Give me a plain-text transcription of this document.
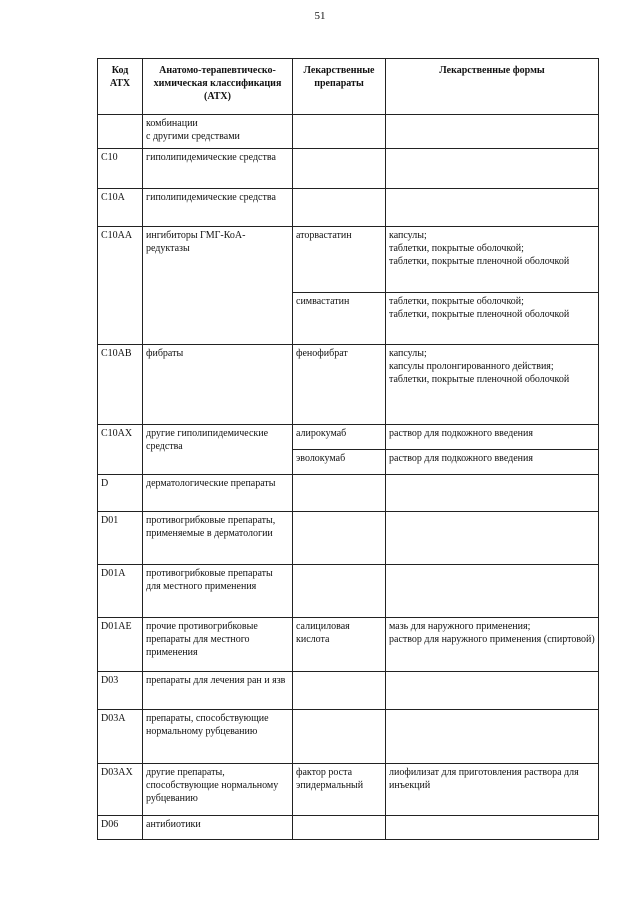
51
Код АТХ	Анатомо-терапевтическо-химическая классификация (АТХ)	Лекарственные препараты	Лекарственные формы
	комбинации
с другими средствами		
C10	гиполипидемические средства		
C10A	гиполипидемические средства		
C10AA	ингибиторы ГМГ-КоА-редуктазы	аторвастатин	капсулы;
таблетки, покрытые оболочкой;
таблетки, покрытые пленочной оболочкой
		симвастатин	таблетки, покрытые оболочкой;
таблетки, покрытые пленочной оболочкой
C10AB	фибраты	фенофибрат	капсулы;
капсулы пролонгированного действия;
таблетки, покрытые пленочной оболочкой
C10AX	другие гиполипидемические средства	алирокумаб	раствор для подкожного введения
		эволокумаб	раствор для подкожного введения
D	дерматологические препараты		
D01	противогрибковые препараты, применяемые в дерматологии		
D01A	противогрибковые препараты для местного применения		
D01AE	прочие противогрибковые препараты для местного применения	салициловая кислота	мазь для наружного применения;
раствор для наружного применения (спиртовой)
D03	препараты для лечения ран и язв		
D03A	препараты, способствующие нормальному рубцеванию		
D03AX	другие препараты, способствующие нормальному рубцеванию	фактор роста эпидермальный	лиофилизат для приготовления раствора для инъекций
D06	антибиотики		
